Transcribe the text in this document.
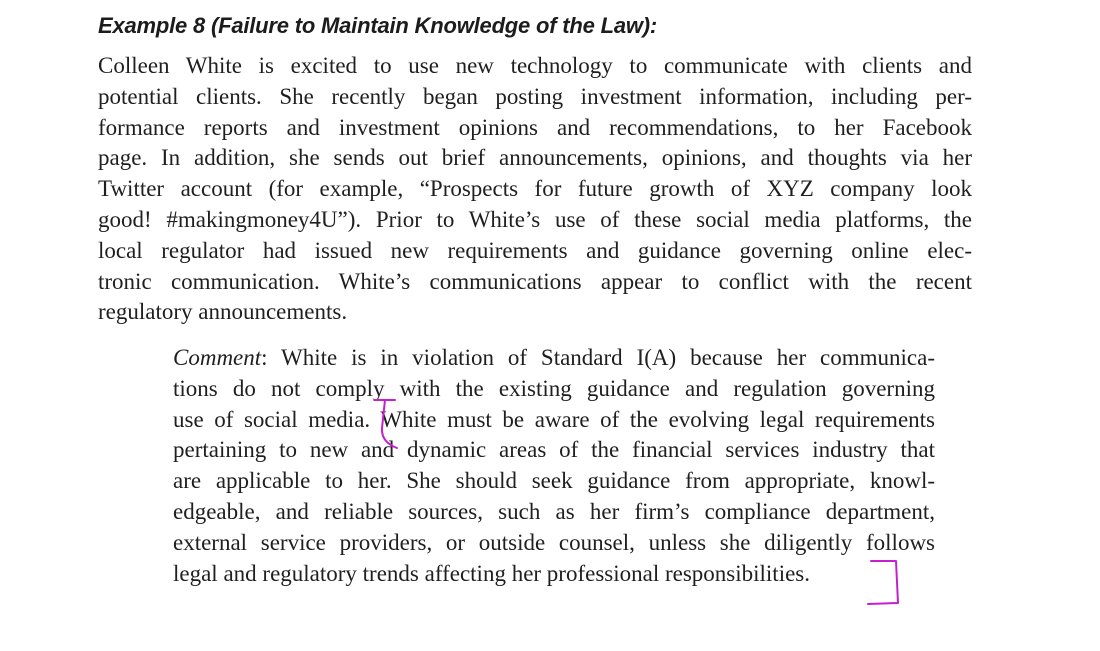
Example 8 (Failure to Maintain Knowledge of the Law):

Colleen White is excited to use new technology to communicate with clients and
potential clients. She recently began posting investment information, including per-
formance reports and investment opinions and recommendations, to her Facebook
page. In addition, she sends out brief announcements, opinions, and thoughts via her
Twitter account (for example, “Prospects for future growth of XYZ company look
good! #makingmoney4U”). Prior to White’s use of these social media platforms, the
local regulator had issued new requirements and guidance governing online elec-
tronic communication. White’s communications appear to conflict with the recent
regulatory announcements.

Comment: White is in violation of Standard I(A) because her communica-
tions do not comply with the existing guidance and regulation governing
use of social media. White must be aware of the evolving legal requirements
pertaining to new and dynamic areas of the financial services industry that
are applicable to her. She should seek guidance from appropriate, knowl-
edgeable, and reliable sources, such as her firm’s compliance department,
external service providers, or outside counsel, unless she diligently follows
legal and regulatory trends affecting her professional responsibilities.
